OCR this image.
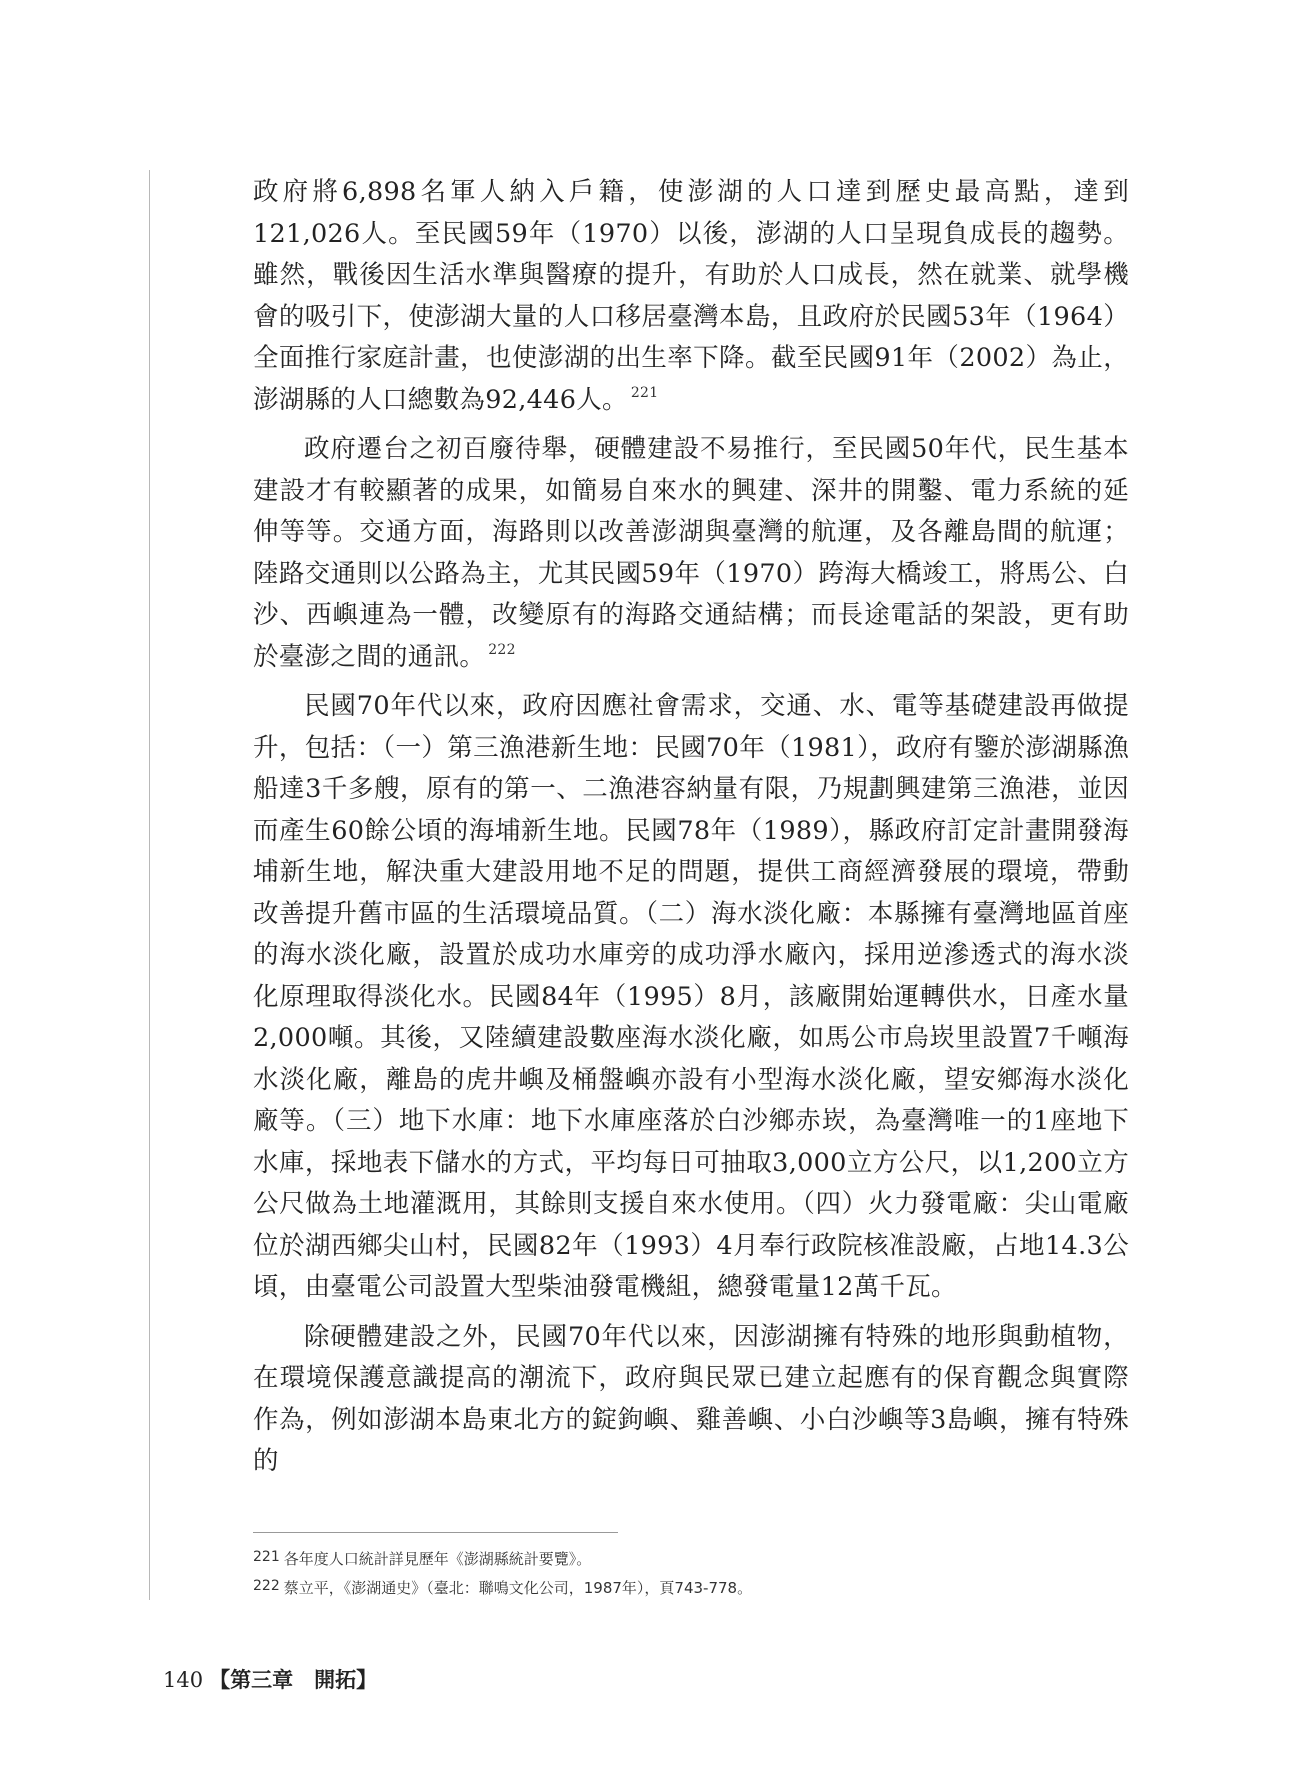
政府將6,898名軍人納入戶籍，使澎湖的人口達到歷史最高點，達到121,026人。至民國59年（1970）以後，澎湖的人口呈現負成長的趨勢。雖然，戰後因生活水準與醫療的提升，有助於人口成長，然在就業、就學機會的吸引下，使澎湖大量的人口移居臺灣本島，且政府於民國53年（1964）全面推行家庭計畫，也使澎湖的出生率下降。截至民國91年（2002）為止，澎湖縣的人口總數為92,446人。 $^{221}$

政府遷台之初百廢待舉，硬體建設不易推行，至民國50年代，民生基本建設才有較顯著的成果，如簡易自來水的興建、深井的開鑿、電力系統的延伸等等。交通方面，海路則以改善澎湖與臺灣的航運，及各離島間的航運；陸路交通則以公路為主，尤其民國59年（1970）跨海大橋竣工，將馬公、白沙、西嶼連為一體，改變原有的海路交通結構；而長途電話的架設，更有助於臺澎之間的通訊。 $^{222}$

民國70年代以來，政府因應社會需求，交通、水、電等基礎建設再做提升，包括：（一）第三漁港新生地：民國70年（1981），政府有鑒於澎湖縣漁船達3千多艘，原有的第一、二漁港容納量有限，乃規劃興建第三漁港，並因而產生60餘公頃的海埔新生地。民國78年（1989），縣政府訂定計畫開發海埔新生地，解決重大建設用地不足的問題，提供工商經濟發展的環境，帶動改善提升舊市區的生活環境品質。（二）海水淡化廠：本縣擁有臺灣地區首座的海水淡化廠，設置於成功水庫旁的成功淨水廠內，採用逆滲透式的海水淡化原理取得淡化水。民國84年（1995）8月，該廠開始運轉供水，日產水量2,000噸。其後，又陸續建設數座海水淡化廠，如馬公市烏崁里設置7千噸海水淡化廠，離島的虎井嶼及桶盤嶼亦設有小型海水淡化廠，望安鄉海水淡化廠等。（三）地下水庫：地下水庫座落於白沙鄉赤崁，為臺灣唯一的1座地下水庫，採地表下儲水的方式，平均每日可抽取3,000立方公尺，以1,200立方公尺做為土地灌溉用，其餘則支援自來水使用。（四）火力發電廠：尖山電廠位於湖西鄉尖山村，民國82年（1993）4月奉行政院核准設廠，占地14.3公頃，由臺電公司設置大型柴油發電機組，總發電量12萬千瓦。

除硬體建設之外，民國70年代以來，因澎湖擁有特殊的地形與動植物，在環境保護意識提高的潮流下，政府與民眾已建立起應有的保育觀念與實際作為，例如澎湖本島東北方的錠鉤嶼、雞善嶼、小白沙嶼等3島嶼，擁有特殊的

221 各年度人口統計詳見歷年《澎湖縣統計要覽》。
222 蔡立平，《澎湖通史》（臺北：聯鳴文化公司，1987年），頁743-778。
140 【第三章　開拓】
